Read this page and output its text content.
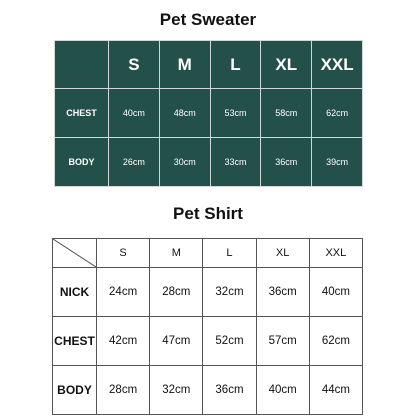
Pet Sweater
	S	M	L	XL	XXL
CHEST	40cm	48cm	53cm	58cm	62cm
BODY	26cm	30cm	33cm	36cm	39cm
Pet Shirt
	S	M	L	XL	XXL
NICK	24cm	28cm	32cm	36cm	40cm
CHEST	42cm	47cm	52cm	57cm	62cm
BODY	28cm	32cm	36cm	40cm	44cm
